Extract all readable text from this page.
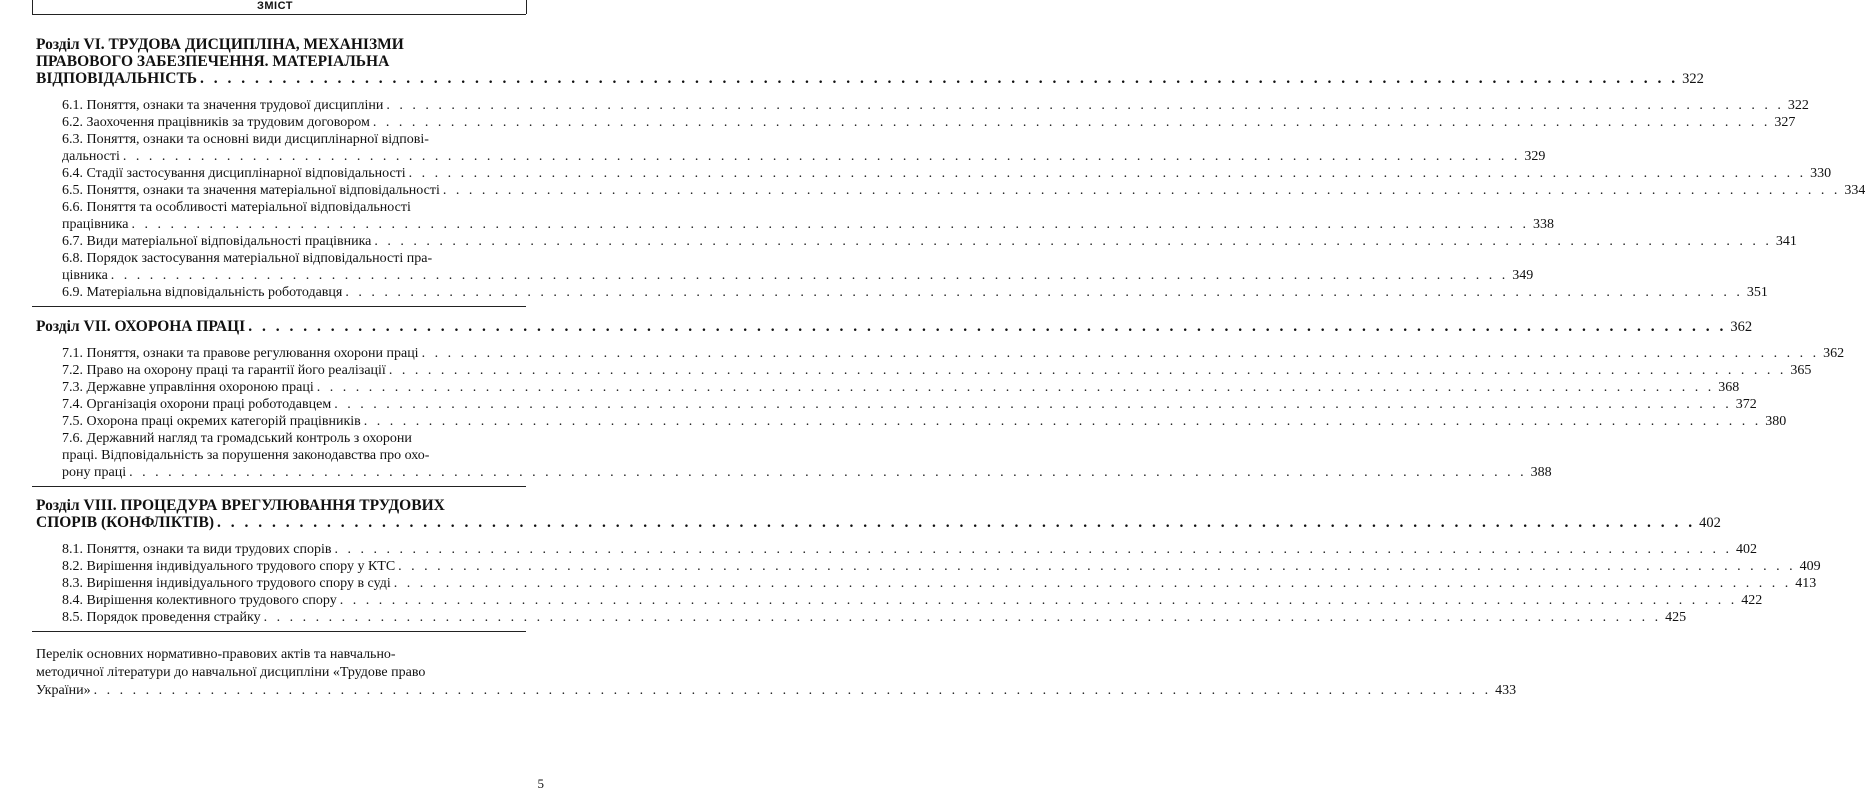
ЗМІСТ
Розділ VI. ТРУДОВА ДИСЦИПЛІНА, МЕХАНІЗМИ
ПРАВОВОГО ЗАБЕЗПЕЧЕННЯ. МАТЕРІАЛЬНА
ВІДПОВІДАЛЬНІСТЬ . . . . . . . . . . . . . . . . . . . . . . . . . . . . . . . . . . . . . . . . . . . . . . . . . . . . . . . . . . . . . . . . . . . . . . . . . . . . . . . . . . . . . . . . . . . . . . . . . . . . . . . . . . . . 322
6.1. Поняття, ознаки та значення трудової дисципліни . . . . . . . . . . . . . . . . . . . . . . . . . . . . . . . . . . . . . . . . . . . . . . . . . . . . . . . . . . . . . . . . . . . . . . . . . . . . . . . . . . . . . . . . . . . . . . . . . . . . . . . . . . . . 322
6.2. Заохочення працівників за трудовим договором . . . . . . . . . . . . . . . . . . . . . . . . . . . . . . . . . . . . . . . . . . . . . . . . . . . . . . . . . . . . . . . . . . . . . . . . . . . . . . . . . . . . . . . . . . . . . . . . . . . . . . . . . . . . 327
6.3. Поняття, ознаки та основні види дисциплінарної відпові-
дальності . . . . . . . . . . . . . . . . . . . . . . . . . . . . . . . . . . . . . . . . . . . . . . . . . . . . . . . . . . . . . . . . . . . . . . . . . . . . . . . . . . . . . . . . . . . . . . . . . . . . . . . . . . . . 329
6.4. Стадії застосування дисциплінарної відповідальності . . . . . . . . . . . . . . . . . . . . . . . . . . . . . . . . . . . . . . . . . . . . . . . . . . . . . . . . . . . . . . . . . . . . . . . . . . . . . . . . . . . . . . . . . . . . . . . . . . . . . . . . . . . . 330
6.5. Поняття, ознаки та значення матеріальної відповідальності . . . . . . . . . . . . . . . . . . . . . . . . . . . . . . . . . . . . . . . . . . . . . . . . . . . . . . . . . . . . . . . . . . . . . . . . . . . . . . . . . . . . . . . . . . . . . . . . . . . . . . . . . . . . 334
6.6. Поняття та особливості матеріальної відповідальності
працівника . . . . . . . . . . . . . . . . . . . . . . . . . . . . . . . . . . . . . . . . . . . . . . . . . . . . . . . . . . . . . . . . . . . . . . . . . . . . . . . . . . . . . . . . . . . . . . . . . . . . . . . . . . . . 338
6.7. Види матеріальної відповідальності працівника . . . . . . . . . . . . . . . . . . . . . . . . . . . . . . . . . . . . . . . . . . . . . . . . . . . . . . . . . . . . . . . . . . . . . . . . . . . . . . . . . . . . . . . . . . . . . . . . . . . . . . . . . . . . 341
6.8. Порядок застосування матеріальної відповідальності пра-
цівника . . . . . . . . . . . . . . . . . . . . . . . . . . . . . . . . . . . . . . . . . . . . . . . . . . . . . . . . . . . . . . . . . . . . . . . . . . . . . . . . . . . . . . . . . . . . . . . . . . . . . . . . . . . . 349
6.9. Матеріальна відповідальність роботодавця . . . . . . . . . . . . . . . . . . . . . . . . . . . . . . . . . . . . . . . . . . . . . . . . . . . . . . . . . . . . . . . . . . . . . . . . . . . . . . . . . . . . . . . . . . . . . . . . . . . . . . . . . . . . 351
Розділ VII. ОХОРОНА ПРАЦІ . . . . . . . . . . . . . . . . . . . . . . . . . . . . . . . . . . . . . . . . . . . . . . . . . . . . . . . . . . . . . . . . . . . . . . . . . . . . . . . . . . . . . . . . . . . . . . . . . . . . . . . . . . . . 362
7.1. Поняття, ознаки та правове регулювання охорони праці . . . . . . . . . . . . . . . . . . . . . . . . . . . . . . . . . . . . . . . . . . . . . . . . . . . . . . . . . . . . . . . . . . . . . . . . . . . . . . . . . . . . . . . . . . . . . . . . . . . . . . . . . . . . 362
7.2. Право на охорону праці та гарантії його реалізації . . . . . . . . . . . . . . . . . . . . . . . . . . . . . . . . . . . . . . . . . . . . . . . . . . . . . . . . . . . . . . . . . . . . . . . . . . . . . . . . . . . . . . . . . . . . . . . . . . . . . . . . . . . . 365
7.3. Державне управління охороною праці . . . . . . . . . . . . . . . . . . . . . . . . . . . . . . . . . . . . . . . . . . . . . . . . . . . . . . . . . . . . . . . . . . . . . . . . . . . . . . . . . . . . . . . . . . . . . . . . . . . . . . . . . . . . 368
7.4. Організація охорони праці роботодавцем . . . . . . . . . . . . . . . . . . . . . . . . . . . . . . . . . . . . . . . . . . . . . . . . . . . . . . . . . . . . . . . . . . . . . . . . . . . . . . . . . . . . . . . . . . . . . . . . . . . . . . . . . . . . 372
7.5. Охорона праці окремих категорій працівників . . . . . . . . . . . . . . . . . . . . . . . . . . . . . . . . . . . . . . . . . . . . . . . . . . . . . . . . . . . . . . . . . . . . . . . . . . . . . . . . . . . . . . . . . . . . . . . . . . . . . . . . . . . . 380
7.6. Державний нагляд та громадський контроль з охорони
праці. Відповідальність за порушення законодавства про охо-
рону праці . . . . . . . . . . . . . . . . . . . . . . . . . . . . . . . . . . . . . . . . . . . . . . . . . . . . . . . . . . . . . . . . . . . . . . . . . . . . . . . . . . . . . . . . . . . . . . . . . . . . . . . . . . . . 388
Розділ VIII. ПРОЦЕДУРА ВРЕГУЛЮВАННЯ ТРУДОВИХ
СПОРІВ (КОНФЛІКТІВ) . . . . . . . . . . . . . . . . . . . . . . . . . . . . . . . . . . . . . . . . . . . . . . . . . . . . . . . . . . . . . . . . . . . . . . . . . . . . . . . . . . . . . . . . . . . . . . . . . . . . . . . . . . . . 402
8.1. Поняття, ознаки та види трудових спорів . . . . . . . . . . . . . . . . . . . . . . . . . . . . . . . . . . . . . . . . . . . . . . . . . . . . . . . . . . . . . . . . . . . . . . . . . . . . . . . . . . . . . . . . . . . . . . . . . . . . . . . . . . . . 402
8.2. Вирішення індивідуального трудового спору у КТС . . . . . . . . . . . . . . . . . . . . . . . . . . . . . . . . . . . . . . . . . . . . . . . . . . . . . . . . . . . . . . . . . . . . . . . . . . . . . . . . . . . . . . . . . . . . . . . . . . . . . . . . . . . . 409
8.3. Вирішення індивідуального трудового спору в суді . . . . . . . . . . . . . . . . . . . . . . . . . . . . . . . . . . . . . . . . . . . . . . . . . . . . . . . . . . . . . . . . . . . . . . . . . . . . . . . . . . . . . . . . . . . . . . . . . . . . . . . . . . . . 413
8.4. Вирішення колективного трудового спору . . . . . . . . . . . . . . . . . . . . . . . . . . . . . . . . . . . . . . . . . . . . . . . . . . . . . . . . . . . . . . . . . . . . . . . . . . . . . . . . . . . . . . . . . . . . . . . . . . . . . . . . . . . . 422
8.5. Порядок проведення страйку . . . . . . . . . . . . . . . . . . . . . . . . . . . . . . . . . . . . . . . . . . . . . . . . . . . . . . . . . . . . . . . . . . . . . . . . . . . . . . . . . . . . . . . . . . . . . . . . . . . . . . . . . . . . 425
Перелік основних нормативно-правових актів та навчально-
методичної літератури до навчальної дисципліни «Трудове право
України» . . . . . . . . . . . . . . . . . . . . . . . . . . . . . . . . . . . . . . . . . . . . . . . . . . . . . . . . . . . . . . . . . . . . . . . . . . . . . . . . . . . . . . . . . . . . . . . . . . . . . . . . . . . . 433
5
